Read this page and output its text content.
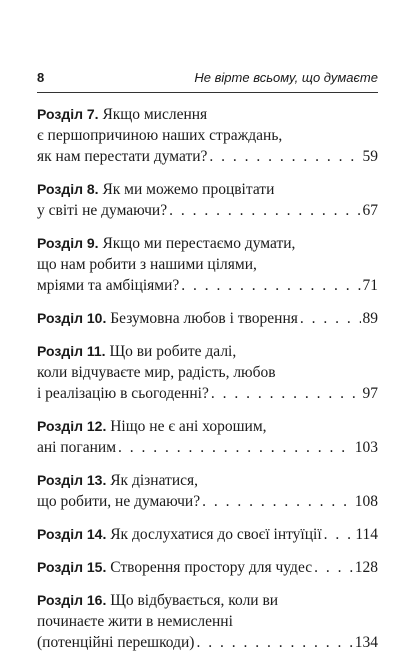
8	Не вірте всьому, що думаєте
Розділ 7. Якщо мислення
є першопричиною наших страждань,
як нам перестати думати? . . .	59
Розділ 8. Як ми можемо процвітати
у світі не думаючи? . . .	67
Розділ 9. Якщо ми перестаємо думати,
що нам робити з нашими цілями,
мріями та амбіціями? . . .	71
Розділ 10. Безумовна любов і творення . . .	89
Розділ 11. Що ви робите далі,
коли відчуваєте мир, радість, любов
і реалізацію в сьогоденні? . . .	97
Розділ 12. Ніщо не є ані хорошим,
ані поганим . . .	103
Розділ 13. Як дізнатися,
що робити, не думаючи? . . .	108
Розділ 14. Як дослухатися до своєї інтуїції . . . 114
Розділ 15. Створення простору для чудес . . .	128
Розділ 16. Що відбувається, коли ви
починаєте жити в немисленні
(потенційні перешкоди) . . .	134
